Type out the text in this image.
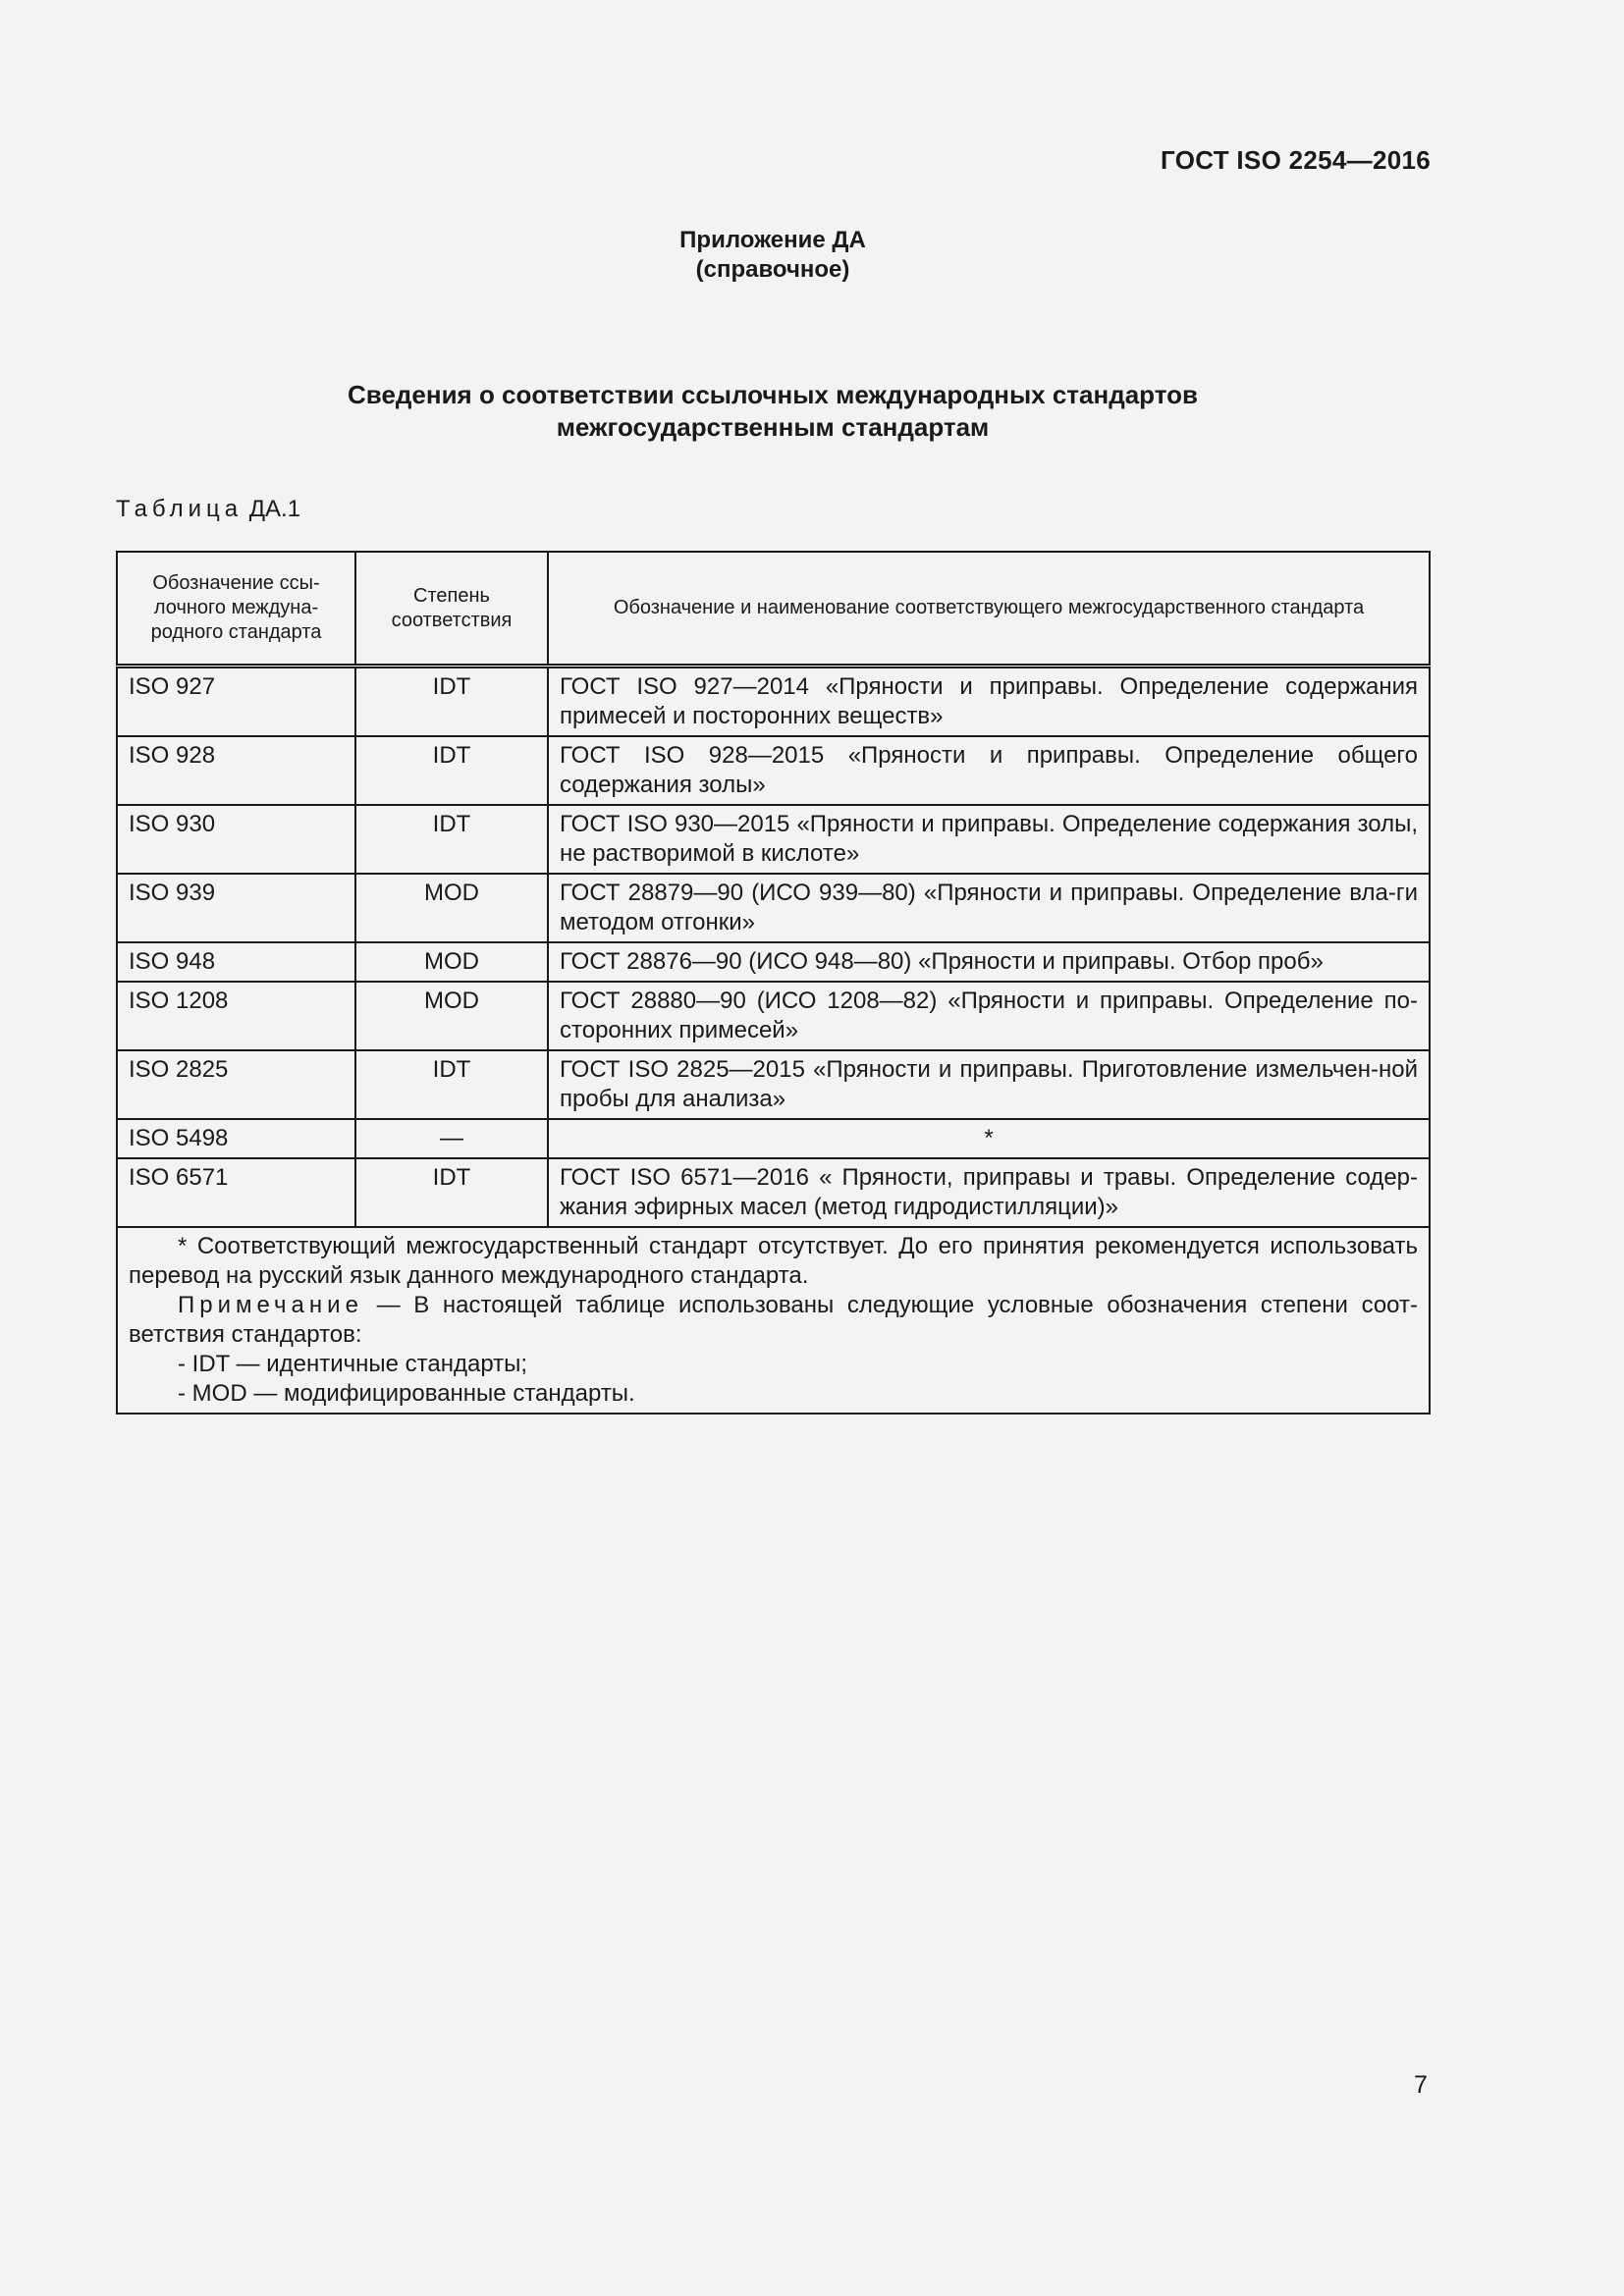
ГОСТ ISO 2254—2016
Приложение ДА
(справочное)
Сведения о соответствии ссылочных международных стандартов
межгосударственным стандартам
Таблица ДА.1
Обозначение ссы-лочного междуна-родного стандарта	Степень соответствия	Обозначение и наименование соответствующего межгосударственного стандарта
ISO 927	IDT	ГОСТ ISO 927—2014 «Пряности и приправы. Определение содержания примесей и посторонних веществ»
ISO 928	IDT	ГОСТ ISO 928—2015 «Пряности и приправы. Определение общего содержания золы»
ISO 930	IDT	ГОСТ ISO 930—2015 «Пряности и приправы. Определение содержания золы, не растворимой в кислоте»
ISO 939	MOD	ГОСТ 28879—90 (ИСО 939—80) «Пряности и приправы. Определение вла-ги методом отгонки»
ISO 948	MOD	ГОСТ 28876—90 (ИСО 948—80) «Пряности и приправы. Отбор проб»
ISO 1208	MOD	ГОСТ 28880—90 (ИСО 1208—82) «Пряности и приправы. Определение по-сторонних примесей»
ISO 2825	IDT	ГОСТ ISO 2825—2015 «Пряности и приправы. Приготовление измельчен-ной пробы для анализа»
ISO 5498	—	*
ISO 6571	IDT	ГОСТ ISO 6571—2016 « Пряности, приправы и травы. Определение содер-жания эфирных масел (метод гидродистилляции)»

* Соответствующий межгосударственный стандарт отсутствует. До его принятия рекомендуется использовать перевод на русский язык данного международного стандарта.
Примечание — В настоящей таблице использованы следующие условные обозначения степени соот-ветствия стандартов:
- IDT — идентичные стандарты;
- MOD — модифицированные стандарты.		
7
